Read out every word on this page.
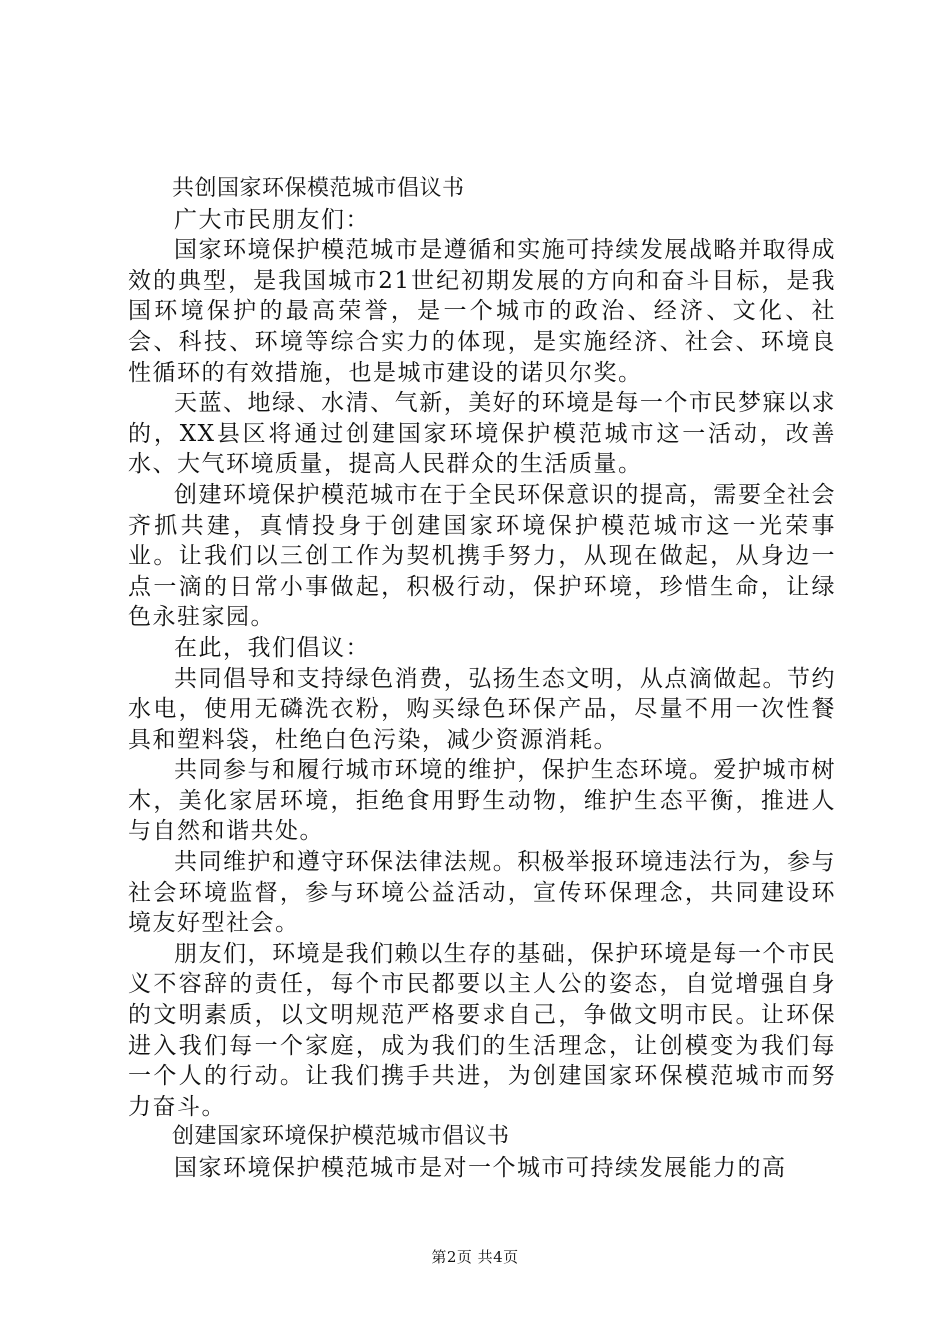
共创国家环保模范城市倡议书

广大市民朋友们：

国家环境保护模范城市是遵循和实施可持续发展战略并取得成效的典型，是我国城市21世纪初期发展的方向和奋斗目标，是我国环境保护的最高荣誉，是一个城市的政治、经济、文化、社会、科技、环境等综合实力的体现，是实施经济、社会、环境良性循环的有效措施，也是城市建设的诺贝尔奖。

天蓝、地绿、水清、气新，美好的环境是每一个市民梦寐以求的，XX县区将通过创建国家环境保护模范城市这一活动，改善水、大气环境质量，提高人民群众的生活质量。

创建环境保护模范城市在于全民环保意识的提高，需要全社会齐抓共建，真情投身于创建国家环境保护模范城市这一光荣事业。让我们以三创工作为契机携手努力，从现在做起，从身边一点一滴的日常小事做起，积极行动，保护环境，珍惜生命，让绿色永驻家园。

在此，我们倡议：

共同倡导和支持绿色消费，弘扬生态文明，从点滴做起。节约水电，使用无磷洗衣粉，购买绿色环保产品，尽量不用一次性餐具和塑料袋，杜绝白色污染，减少资源消耗。

共同参与和履行城市环境的维护，保护生态环境。爱护城市树木，美化家居环境，拒绝食用野生动物，维护生态平衡，推进人与自然和谐共处。

共同维护和遵守环保法律法规。积极举报环境违法行为，参与社会环境监督，参与环境公益活动，宣传环保理念，共同建设环境友好型社会。

朋友们，环境是我们赖以生存的基础，保护环境是每一个市民义不容辞的责任，每个市民都要以主人公的姿态，自觉增强自身的文明素质，以文明规范严格要求自己，争做文明市民。让环保进入我们每一个家庭，成为我们的生活理念，让创模变为我们每一个人的行动。让我们携手共进，为创建国家环保模范城市而努力奋斗。

创建国家环境保护模范城市倡议书

国家环境保护模范城市是对一个城市可持续发展能力的高

第2页 共4页
